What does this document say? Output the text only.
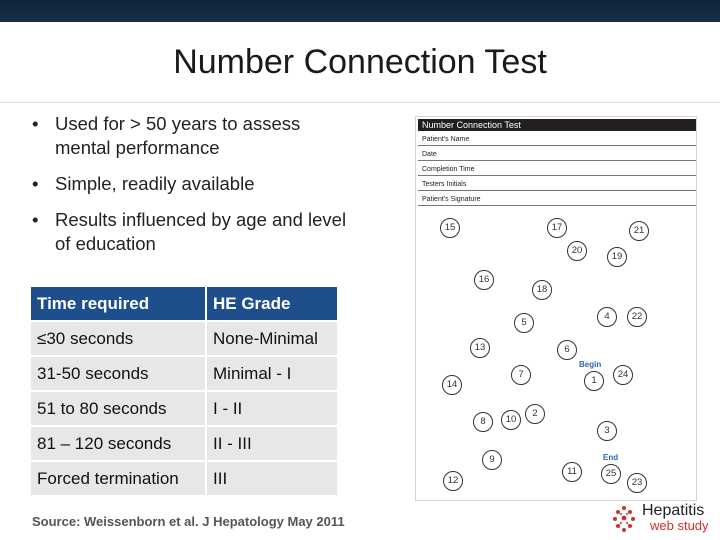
Number Connection Test
• Used for > 50 years to assess mental performance
• Simple, readily available
• Results influenced by age and level of education
Time required	HE Grade
≤30 seconds	None-Minimal
31-50 seconds	Minimal - I
51 to 80 seconds	I - II
81 – 120 seconds	II - III
Forced termination	III
Source: Weissenborn et al. J Hepatology May 2011
Number Connection Test
Patient's Name
Date
Completion Time
Testers Initials
Patient's Signature
15	17	21
20
19
16
18
5
4	22
13	6
14
7
1
24
8	10
2
3
9
11	25
12	23
Begin
End
Hepatitis
web study
